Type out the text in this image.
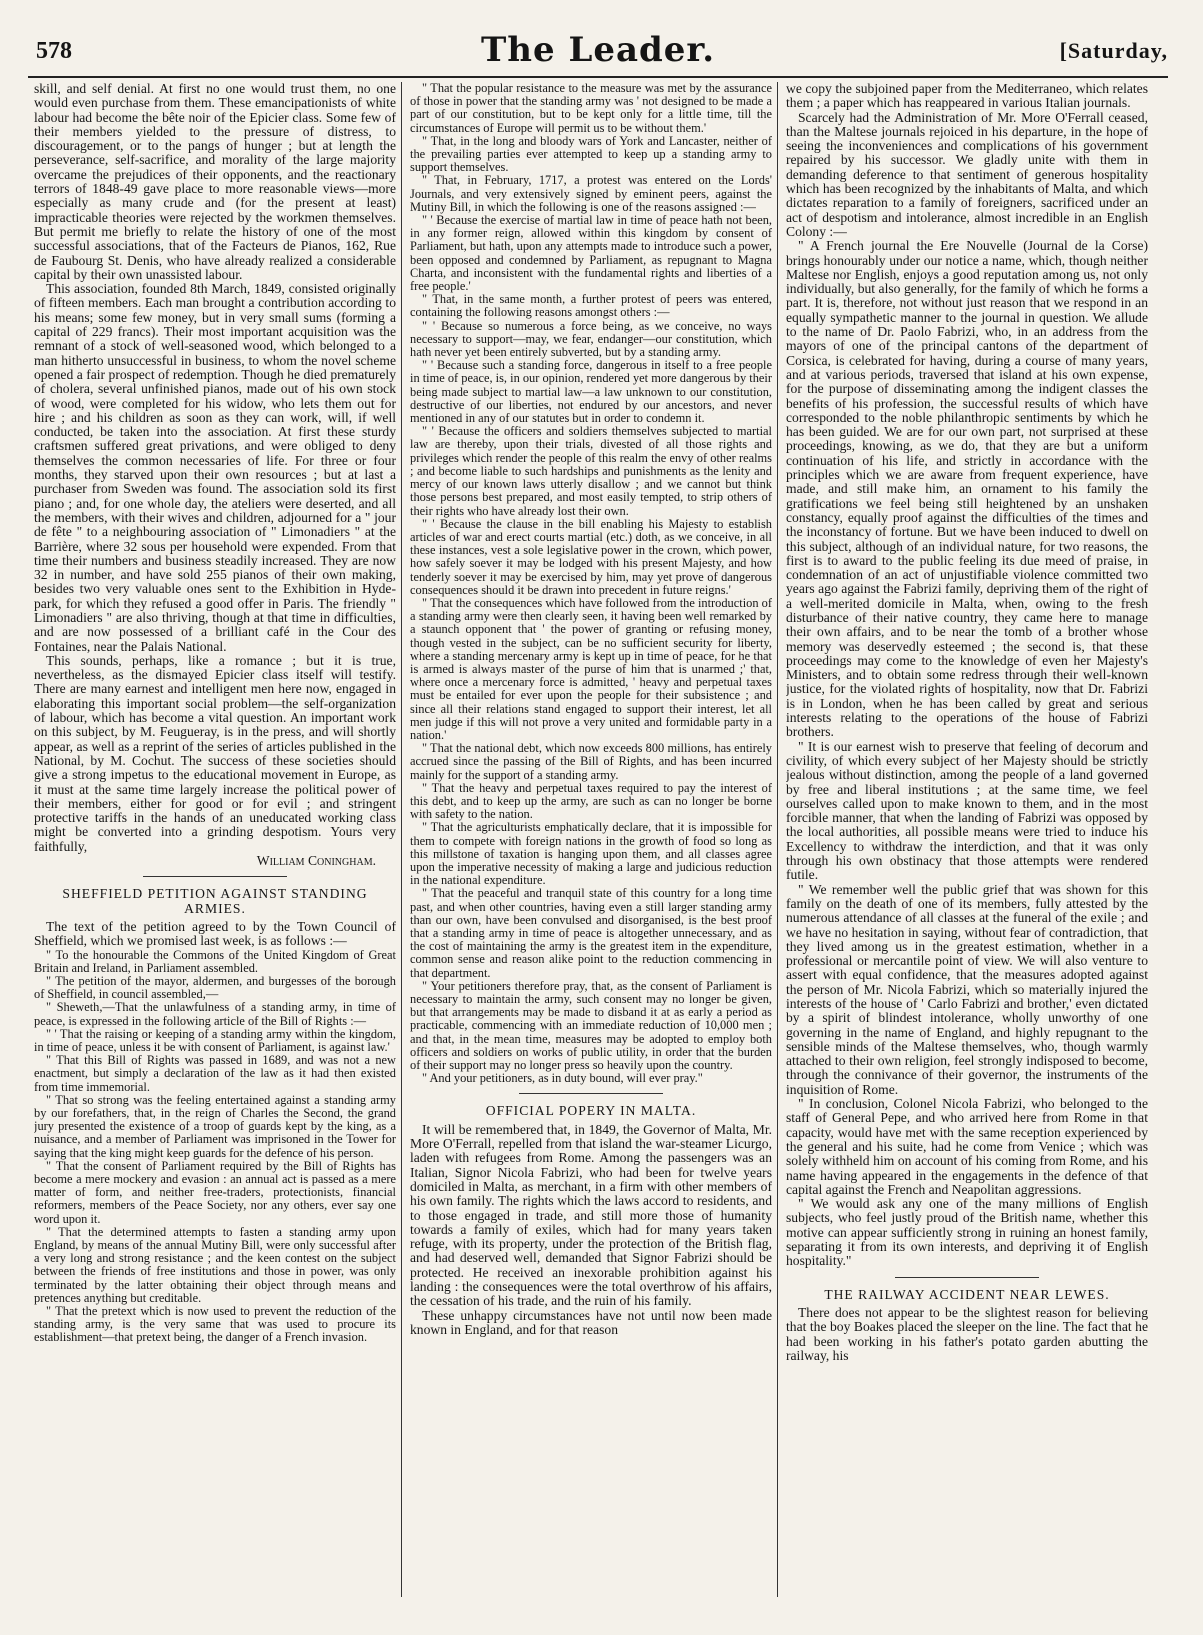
578	The Leader.	[Saturday,

skill, and self denial. At first no one would trust them, no one would even purchase from them. These emancipationists of white labour had become the bête noir of the Epicier class. Some few of their members yielded to the pressure of distress, to discouragement, or to the pangs of hunger ; but at length the perseverance, self-sacrifice, and morality of the large majority overcame the prejudices of their opponents, and the reactionary terrors of 1848-49 gave place to more reasonable views—more especially as many crude and (for the present at least) impracticable theories were rejected by the workmen themselves. But permit me briefly to relate the history of one of the most successful associations, that of the Facteurs de Pianos, 162, Rue de Faubourg St. Denis, who have already realized a considerable capital by their own unassisted labour.

This association, founded 8th March, 1849, consisted originally of fifteen members. Each man brought a contribution according to his means; some few money, but in very small sums (forming a capital of 229 francs). Their most important acquisition was the remnant of a stock of well-seasoned wood, which belonged to a man hitherto unsuccessful in business, to whom the novel scheme opened a fair prospect of redemption. Though he died prematurely of cholera, several unfinished pianos, made out of his own stock of wood, were completed for his widow, who lets them out for hire ; and his children as soon as they can work, will, if well conducted, be taken into the association. At first these sturdy craftsmen suffered great privations, and were obliged to deny themselves the common necessaries of life. For three or four months, they starved upon their own resources ; but at last a purchaser from Sweden was found. The association sold its first piano ; and, for one whole day, the ateliers were deserted, and all the members, with their wives and children, adjourned for a " jour de fête " to a neighbouring association of " Limonadiers " at the Barrière, where 32 sous per household were expended. From that time their numbers and business steadily increased. They are now 32 in number, and have sold 255 pianos of their own making, besides two very valuable ones sent to the Exhibition in Hyde-park, for which they refused a good offer in Paris. The friendly " Limonadiers " are also thriving, though at that time in difficulties, and are now possessed of a brilliant café in the Cour des Fontaines, near the Palais National.

This sounds, perhaps, like a romance ; but it is true, nevertheless, as the dismayed Epicier class itself will testify. There are many earnest and intelligent men here now, engaged in elaborating this important social problem—the self-organization of labour, which has become a vital question. An important work on this subject, by M. Feugueray, is in the press, and will shortly appear, as well as a reprint of the series of articles published in the National, by M. Cochut. The success of these societies should give a strong impetus to the educational movement in Europe, as it must at the same time largely increase the political power of their members, either for good or for evil ; and stringent protective tariffs in the hands of an uneducated working class might be converted into a grinding despotism. Yours very faithfully,

William Coningham.

SHEFFIELD PETITION AGAINST STANDING ARMIES.

The text of the petition agreed to by the Town Council of Sheffield, which we promised last week, is as follows :—

" To the honourable the Commons of the United Kingdom of Great Britain and Ireland, in Parliament assembled.

" The petition of the mayor, aldermen, and burgesses of the borough of Sheffield, in council assembled,—

" Sheweth,—That the unlawfulness of a standing army, in time of peace, is expressed in the following article of the Bill of Rights :—

" ' That the raising or keeping of a standing army within the kingdom, in time of peace, unless it be with consent of Parliament, is against law.'

" That this Bill of Rights was passed in 1689, and was not a new enactment, but simply a declaration of the law as it had then existed from time immemorial.

" That so strong was the feeling entertained against a standing army by our forefathers, that, in the reign of Charles the Second, the grand jury presented the existence of a troop of guards kept by the king, as a nuisance, and a member of Parliament was imprisoned in the Tower for saying that the king might keep guards for the defence of his person.

" That the consent of Parliament required by the Bill of Rights has become a mere mockery and evasion : an annual act is passed as a mere matter of form, and neither free-traders, protectionists, financial reformers, members of the Peace Society, nor any others, ever say one word upon it.

" That the determined attempts to fasten a standing army upon England, by means of the annual Mutiny Bill, were only successful after a very long and strong resistance ; and the keen contest on the subject between the friends of free institutions and those in power, was only terminated by the latter obtaining their object through means and pretences anything but creditable.

" That the pretext which is now used to prevent the reduction of the standing army, is the very same that was used to procure its establishment—that pretext being, the danger of a French invasion.

" That the popular resistance to the measure was met by the assurance of those in power that the standing army was ' not designed to be made a part of our constitution, but to be kept only for a little time, till the circumstances of Europe will permit us to be without them.'

" That, in the long and bloody wars of York and Lancaster, neither of the prevailing parties ever attempted to keep up a standing army to support themselves.

" That, in February, 1717, a protest was entered on the Lords' Journals, and very extensively signed by eminent peers, against the Mutiny Bill, in which the following is one of the reasons assigned :—

" ' Because the exercise of martial law in time of peace hath not been, in any former reign, allowed within this kingdom by consent of Parliament, but hath, upon any attempts made to introduce such a power, been opposed and condemned by Parliament, as repugnant to Magna Charta, and inconsistent with the fundamental rights and liberties of a free people.'

" That, in the same month, a further protest of peers was entered, containing the following reasons amongst others :—

" ' Because so numerous a force being, as we conceive, no ways necessary to support—may, we fear, endanger—our constitution, which hath never yet been entirely subverted, but by a standing army.

" ' Because such a standing force, dangerous in itself to a free people in time of peace, is, in our opinion, rendered yet more dangerous by their being made subject to martial law—a law unknown to our constitution, destructive of our liberties, not endured by our ancestors, and never mentioned in any of our statutes but in order to condemn it.

" ' Because the officers and soldiers themselves subjected to martial law are thereby, upon their trials, divested of all those rights and privileges which render the people of this realm the envy of other realms ; and become liable to such hardships and punishments as the lenity and mercy of our known laws utterly disallow ; and we cannot but think those persons best prepared, and most easily tempted, to strip others of their rights who have already lost their own.

" ' Because the clause in the bill enabling his Majesty to establish articles of war and erect courts martial (etc.) doth, as we conceive, in all these instances, vest a sole legislative power in the crown, which power, how safely soever it may be lodged with his present Majesty, and how tenderly soever it may be exercised by him, may yet prove of dangerous consequences should it be drawn into precedent in future reigns.'

" That the consequences which have followed from the introduction of a standing army were then clearly seen, it having been well remarked by a staunch opponent that ' the power of granting or refusing money, though vested in the subject, can be no sufficient security for liberty, where a standing mercenary army is kept up in time of peace, for he that is armed is always master of the purse of him that is unarmed ;' that, where once a mercenary force is admitted, ' heavy and perpetual taxes must be entailed for ever upon the people for their subsistence ; and since all their relations stand engaged to support their interest, let all men judge if this will not prove a very united and formidable party in a nation.'

" That the national debt, which now exceeds 800 millions, has entirely accrued since the passing of the Bill of Rights, and has been incurred mainly for the support of a standing army.

" That the heavy and perpetual taxes required to pay the interest of this debt, and to keep up the army, are such as can no longer be borne with safety to the nation.

" That the agriculturists emphatically declare, that it is impossible for them to compete with foreign nations in the growth of food so long as this millstone of taxation is hanging upon them, and all classes agree upon the imperative necessity of making a large and judicious reduction in the national expenditure.

" That the peaceful and tranquil state of this country for a long time past, and when other countries, having even a still larger standing army than our own, have been convulsed and disorganised, is the best proof that a standing army in time of peace is altogether unnecessary, and as the cost of maintaining the army is the greatest item in the expenditure, common sense and reason alike point to the reduction commencing in that department.

" Your petitioners therefore pray, that, as the consent of Parliament is necessary to maintain the army, such consent may no longer be given, but that arrangements may be made to disband it at as early a period as practicable, commencing with an immediate reduction of 10,000 men ; and that, in the mean time, measures may be adopted to employ both officers and soldiers on works of public utility, in order that the burden of their support may no longer press so heavily upon the country.

" And your petitioners, as in duty bound, will ever pray."

OFFICIAL POPERY IN MALTA.

It will be remembered that, in 1849, the Governor of Malta, Mr. More O'Ferrall, repelled from that island the war-steamer Licurgo, laden with refugees from Rome. Among the passengers was an Italian, Signor Nicola Fabrizi, who had been for twelve years domiciled in Malta, as merchant, in a firm with other members of his own family. The rights which the laws accord to residents, and to those engaged in trade, and still more those of humanity towards a family of exiles, which had for many years taken refuge, with its property, under the protection of the British flag, and had deserved well, demanded that Signor Fabrizi should be protected. He received an inexorable prohibition against his landing : the consequences were the total overthrow of his affairs, the cessation of his trade, and the ruin of his family.

These unhappy circumstances have not until now been made known in England, and for that reason

we copy the subjoined paper from the Mediterraneo, which relates them ; a paper which has reappeared in various Italian journals.

Scarcely had the Administration of Mr. More O'Ferrall ceased, than the Maltese journals rejoiced in his departure, in the hope of seeing the inconveniences and complications of his government repaired by his successor. We gladly unite with them in demanding deference to that sentiment of generous hospitality which has been recognized by the inhabitants of Malta, and which dictates reparation to a family of foreigners, sacrificed under an act of despotism and intolerance, almost incredible in an English Colony :—

" A French journal the Ere Nouvelle (Journal de la Corse) brings honourably under our notice a name, which, though neither Maltese nor English, enjoys a good reputation among us, not only individually, but also generally, for the family of which he forms a part. It is, therefore, not without just reason that we respond in an equally sympathetic manner to the journal in question. We allude to the name of Dr. Paolo Fabrizi, who, in an address from the mayors of one of the principal cantons of the department of Corsica, is celebrated for having, during a course of many years, and at various periods, traversed that island at his own expense, for the purpose of disseminating among the indigent classes the benefits of his profession, the successful results of which have corresponded to the noble philanthropic sentiments by which he has been guided. We are for our own part, not surprised at these proceedings, knowing, as we do, that they are but a uniform continuation of his life, and strictly in accordance with the principles which we are aware from frequent experience, have made, and still make him, an ornament to his family the gratifications we feel being still heightened by an unshaken constancy, equally proof against the difficulties of the times and the inconstancy of fortune. But we have been induced to dwell on this subject, although of an individual nature, for two reasons, the first is to award to the public feeling its due meed of praise, in condemnation of an act of unjustifiable violence committed two years ago against the Fabrizi family, depriving them of the right of a well-merited domicile in Malta, when, owing to the fresh disturbance of their native country, they came here to manage their own affairs, and to be near the tomb of a brother whose memory was deservedly esteemed ; the second is, that these proceedings may come to the knowledge of even her Majesty's Ministers, and to obtain some redress through their well-known justice, for the violated rights of hospitality, now that Dr. Fabrizi is in London, when he has been called by great and serious interests relating to the operations of the house of Fabrizi brothers.

" It is our earnest wish to preserve that feeling of decorum and civility, of which every subject of her Majesty should be strictly jealous without distinction, among the people of a land governed by free and liberal institutions ; at the same time, we feel ourselves called upon to make known to them, and in the most forcible manner, that when the landing of Fabrizi was opposed by the local authorities, all possible means were tried to induce his Excellency to withdraw the interdiction, and that it was only through his own obstinacy that those attempts were rendered futile.

" We remember well the public grief that was shown for this family on the death of one of its members, fully attested by the numerous attendance of all classes at the funeral of the exile ; and we have no hesitation in saying, without fear of contradiction, that they lived among us in the greatest estimation, whether in a professional or mercantile point of view. We will also venture to assert with equal confidence, that the measures adopted against the person of Mr. Nicola Fabrizi, which so materially injured the interests of the house of ' Carlo Fabrizi and brother,' even dictated by a spirit of blindest intolerance, wholly unworthy of one governing in the name of England, and highly repugnant to the sensible minds of the Maltese themselves, who, though warmly attached to their own religion, feel strongly indisposed to become, through the connivance of their governor, the instruments of the inquisition of Rome.

" In conclusion, Colonel Nicola Fabrizi, who belonged to the staff of General Pepe, and who arrived here from Rome in that capacity, would have met with the same reception experienced by the general and his suite, had he come from Venice ; which was solely withheld him on account of his coming from Rome, and his name having appeared in the engagements in the defence of that capital against the French and Neapolitan aggressions.

" We would ask any one of the many millions of English subjects, who feel justly proud of the British name, whether this motive can appear sufficiently strong in ruining an honest family, separating it from its own interests, and depriving it of English hospitality."

THE RAILWAY ACCIDENT NEAR LEWES.

There does not appear to be the slightest reason for believing that the boy Boakes placed the sleeper on the line. The fact that he had been working in his father's potato garden abutting the railway, his
